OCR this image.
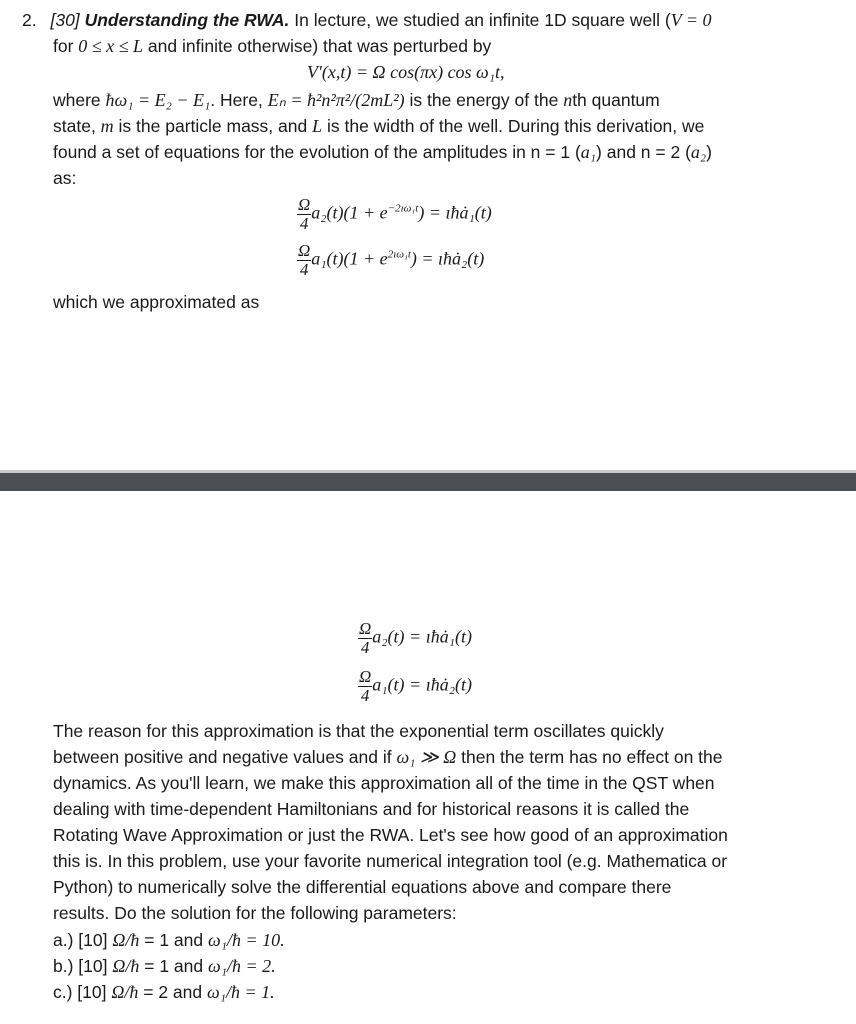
2. [30] Understanding the RWA. In lecture, we studied an infinite 1D square well (V = 0
for 0 ≤ x ≤ L and infinite otherwise) that was perturbed by
V′(x,t) = Ω cos(πx) cos ω₁t,
where ħω₁ = E₂ − E₁. Here, Eₙ = ħ²n²π²/(2mL²) is the energy of the nth quantum
state, m is the particle mass, and L is the width of the well. During this derivation, we
found a set of equations for the evolution of the amplitudes in n = 1 (a₁) and n = 2 (a₂)
as:
$\frac{\Omega}{4} a_2(t)(1 + e^{-2ı\omega_1t})$ = ıħȧ₁(t)
$\frac{\Omega}{4} a_1(t)(1 + e^{2ı\omega_1t})$ = ıħȧ₂(t)
which we approximated as
$\frac{\Omega}{4} a_2(t)$ = ıħȧ₁(t)
$\frac{\Omega}{4} a_1(t)$ = ıħȧ₂(t)
The reason for this approximation is that the exponential term oscillates quickly
between positive and negative values and if ω₁ ≫ Ω then the term has no effect on the
dynamics. As you'll learn, we make this approximation all of the time in the QST when
dealing with time-dependent Hamiltonians and for historical reasons it is called the
Rotating Wave Approximation or just the RWA. Let's see how good of an approximation
this is. In this problem, use your favorite numerical integration tool (e.g. Mathematica or
Python) to numerically solve the differential equations above and compare there
results. Do the solution for the following parameters:
a.) [10] Ω/ħ = 1 and ω₁/ħ = 10.
b.) [10] Ω/ħ = 1 and ω₁/ħ = 2.
c.) [10] Ω/ħ = 2 and ω₁/ħ = 1.
